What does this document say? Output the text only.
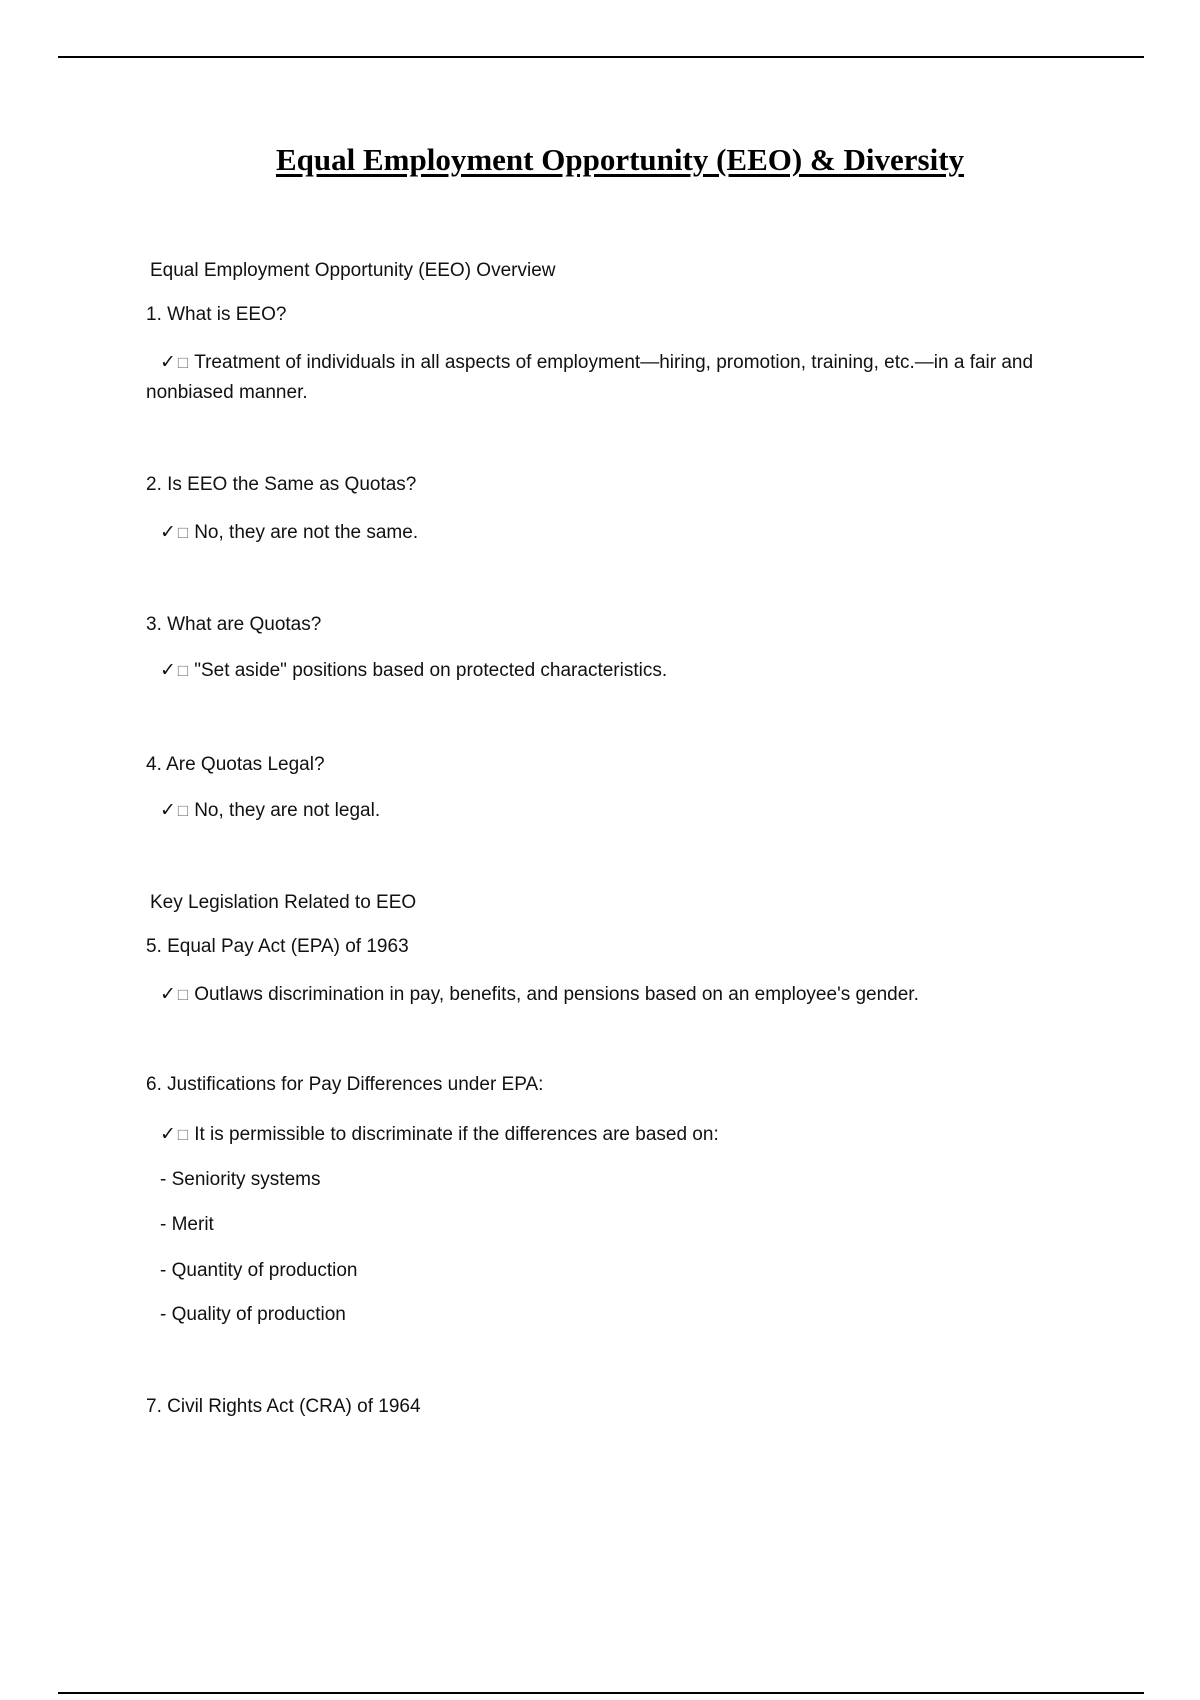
Equal Employment Opportunity (EEO) & Diversity

Equal Employment Opportunity (EEO) Overview

1. What is EEO?

✓ □ Treatment of individuals in all aspects of employment—hiring, promotion, training, etc.—in a fair and nonbiased manner.

2. Is EEO the Same as Quotas?

✓ □ No, they are not the same.

3. What are Quotas?

✓ □ "Set aside" positions based on protected characteristics.

4. Are Quotas Legal?

✓ □ No, they are not legal.

Key Legislation Related to EEO

5. Equal Pay Act (EPA) of 1963

✓ □ Outlaws discrimination in pay, benefits, and pensions based on an employee's gender.

6. Justifications for Pay Differences under EPA:

✓ □ It is permissible to discriminate if the differences are based on:

- Seniority systems

- Merit

- Quantity of production

- Quality of production

7. Civil Rights Act (CRA) of 1964
